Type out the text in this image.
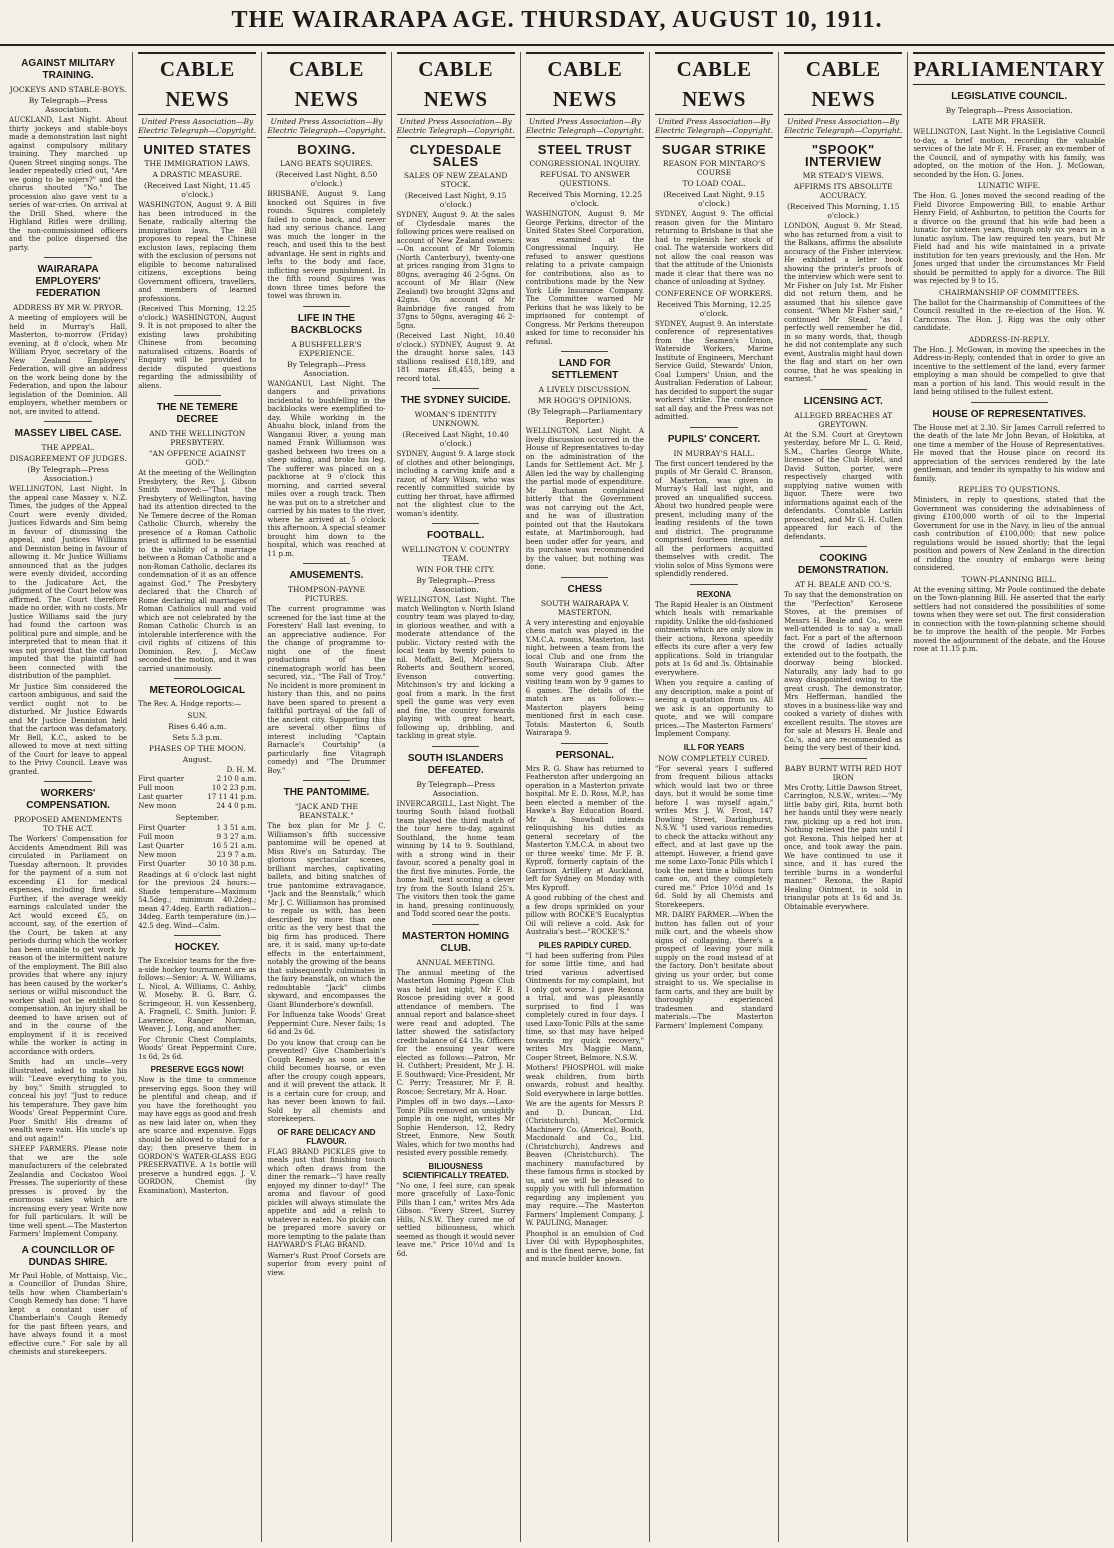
THE WAIRARAPA AGE. THURSDAY, AUGUST 10, 1911.
AGAINST MILITARY TRAINING.
JOCKEYS AND STABLE-BOYS.
By Telegraph—Press Association.

AUCKLAND, Last Night. About thirty jockeys and stable-boys made a demonstration last night against compulsory military training. They marched up Queen Street singing songs. The leader repeatedly cried out, "Are we going to be sojers?" and the chorus shouted "No." The procession also gave vent to a series of war-cries. On arrival at the Drill Shed, where the Highland Rifles were drilling, the non-commissioned officers and the police dispersed the party.

WAIRARAPA EMPLOYERS' FEDERATION
ADDRESS BY MR W. PRYOR.

A meeting of employers will be held in Murray's Hall, Masterton, to-morrow (Friday) evening, at 8 o'clock, when Mr William Pryor, secretary of the New Zealand Employers' Federation, will give an address on the work being done by the Federation, and upon the labour legislation of the Dominion. All employers, whether members or not, are invited to attend.

MASSEY LIBEL CASE.
THE APPEAL.
DISAGREEMENT OF JUDGES.
(By Telegraph—Press Association.)

WELLINGTON, Last Night. In the appeal case Massey v. N.Z. Times, the judges of the Appeal Court were evenly divided, Justices Edwards and Sim being in favour of dismissing the appeal, and Justices Williams and Denniston being in favour of allowing it. Mr Justice Williams announced that as the judges were evenly divided, according to the Judicature Act, the judgment of the Court below was affirmed. The Court therefore made no order, with no costs. Mr Justice Williams said the jury had found the cartoon was political pure and simple, and he interpreted that to mean that it was not proved that the cartoon imputed that the plaintiff had been connected with the distribution of the pamphlet.

Mr Justice Sim considered the cartoon ambiguous, and said the verdict ought not to be disturbed. Mr Justice Edwards and Mr Justice Denniston held that the cartoon was defamatory. Mr Bell, K.C., asked to be allowed to move at next sitting of the Court for leave to appeal to the Privy Council. Leave was granted.

WORKERS' COMPENSATION.
PROPOSED AMENDMENTS TO THE ACT.

The Workers' Compensation for Accidents Amendment Bill was circulated in Parliament on Tuesday afternoon. It provides for the payment of a sum not exceeding £1 for medical expenses, including first aid. Further, if the average weekly earnings calculated under the Act would exceed £5, on account, say, of the exertion of the Court, be taken at any periods during which the worker has been unable to get work by reason of the intermittent nature of the employment. The Bill also provides that where any injury has been caused by the worker's serious or wilful misconduct the worker shall not be entitled to compensation. An injury shall be deemed to have arisen out of and in the course of the employment if it is received while the worker is acting in accordance with orders.

Smith had an uncle—very illustrated, asked to make his will: "Leave everything to you, by boy," Smith struggled to conceal his joy! "Just to reduce his temperature. They gave him Woods' Great Peppermint Cure. Poor Smith! His dreams of wealth were vain. His uncle's up and out again!"

SHEEP FARMERS. Please note that we are the sole manufacturers of the celebrated Zealandia and Cockatoo Wool Presses. The superiority of these presses is proved by the enormous sales which are increasing every year. Write now for full particulars. It will be time well spent.—The Masterton Farmers' Implement Company.

A COUNCILLOR OF DUNDAS SHIRE.

Mr Paul Hoble, of Mottaisp, Vic., a Councillor of Dundas Shire, tells how when Chamberlain's Cough Remedy has done: "I have kept a constant user of Chamberlain's Cough Remedy for the past fifteen years, and have always found it a most effective cure." For sale by all chemists and storekeepers.

CABLE NEWS
United Press Association—By Electric Telegraph—Copyright.
UNITED STATES
THE IMMIGRATION LAWS.
A DRASTIC MEASURE.
(Received Last Night, 11.45 o'clock.)

WASHINGTON, August 9. A Bill has been introduced in the Senate, radically altering the immigration laws. The Bill proposes to repeal the Chinese exclusion laws, replacing them with the exclusion of persons not eligible to become naturalised citizens, exceptions being Government officers, travellers, and members of learned professions.

(Received This Morning, 12.25 o'clock.) WASHINGTON, August 9. It is not proposed to alter the existing laws prohibiting Chinese from becoming naturalised citizens. Boards of Enquiry will be provided to decide disputed questions regarding the admissibility of aliens.

THE NE TEMERE DECREE
AND THE WELLINGTON PRESBYTERY.
"AN OFFENCE AGAINST GOD."

At the meeting of the Wellington Presbytery, the Rev. J. Gibson Smith moved:—"That the Presbytery of Wellington, having had its attention directed to the Ne Temere decree of the Roman Catholic Church, whereby the presence of a Roman Catholic priest is affirmed to be essential to the validity of a marriage between a Roman Catholic and a non-Roman Catholic, declares its condemnation of it as an offence against God." The Presbytery declared that the Church of Rome declaring all marriages of Roman Catholics null and void which are not celebrated by the Roman Catholic Church is an intolerable interference with the civil rights of citizens of this Dominion. Rev. J. McCaw seconded the motion, and it was carried unanimously.

METEOROLOGICAL

The Rev. A. Hodge reports:—

SUN.
Rises 6.46 a.m.
Sets 5.3 p.m.
PHASES OF THE MOON.
August.
D. H. M.
First quarter	2 10 0 a.m.
Full moon	10 2 23 p.m.
Last quarter	17 11 41 p.m.
New moon	24 4 0 p.m.
September.
First Quarter	1 3 51 a.m.
Full moon	9 3 27 a.m.
Last Quarter	16 5 21 a.m.
New moon	23 9 7 a.m.
First Quarter	30 10 38 p.m.

Readings at 6 o'clock last night for the previous 24 hours:—Shade temperature—Maximum 54.5deg.; minimum 40.2deg.; mean 47.4deg. Earth radiation—34deg. Earth temperature (in.)—42.5 deg. Wind—Calm.

HOCKEY.

The Excelsior teams for the five-a-side hockey tournament are as follows:—Senior: A. W. Williams, L. Nicol, A. Williams, C. Ashby, W. Moseby. B. G. Barr, G. Scrimgeour, H. von Kessenberg, A. Fragnell, C. Smith. Junior: F. Lawrence, Ranger Norman, Weaver, J. Long, and another.

For Chronic Chest Complaints, Woods' Great Peppermint Cure, 1s 6d, 2s 6d.

PRESERVE EGGS NOW!

Now is the time to commence preserving eggs. Soon they will be plentiful and cheap, and if you have the forethought you may have eggs as good and fresh as new laid later on, when they are scarce and expensive. Eggs should be allowed to stand for a day; then preserve them in GORDON'S WATER-GLASS EGG PRESERVATIVE. A 1s bottle will preserve a hundred eggs. J. V. GORDON, Chemist (by Examination), Masterton.

CABLE NEWS
United Press Association—By Electric Telegraph—Copyright.
BOXING.
LANG BEATS SQUIRES.
(Received Last Night, 8.50 o'clock.)

BRISBANE, August 9. Lang knocked out Squires in five rounds. Squires completely failed to come back, and never had any serious chance. Lang was much the longer in the reach, and used this to the best advantage. He sent in rights and lefts to the body and face, inflicting severe punishment. In the fifth round Squires was down three times before the towel was thrown in.

LIFE IN THE BACKBLOCKS
A BUSHFELLER'S EXPERIENCE.
By Telegraph—Press Association.

WANGANUI, Last Night. The dangers and privations incidental to bushfelling in the backblocks were exemplified to-day. While working in the Ahuahu block, inland from the Wanganui River, a young man named Frank Williamson was gashed between two trees on a steep siding, and broke his leg. The sufferer was placed on a packhorse at 9 o'clock this morning, and carried several miles over a rough track. Then he was put on to a stretcher and carried by his mates to the river, where he arrived at 5 o'clock this afternoon. A special steamer brought him down to the hospital, which was reached at 11 p.m.

AMUSEMENTS.
THOMPSON-PAYNE PICTURES.

The current programme was screened for the last time at the Foresters' Hall last evening, to an appreciative audience. For the change of programme to-night one of the finest productions of the cinematograph world has been secured, viz., "The Fall of Troy." No incident is more prominent in history than this, and no pains have been spared to present a faithful portrayal of the fall of the ancient city. Supporting this are several other films of interest including "Captain Barnacle's Courtship" (a particularly fine Vitagraph comedy) and "The Drummer Boy."

THE PANTOMIME.
"JACK AND THE BEANSTALK."

The box plan for Mr J. C. Williamson's fifth successive pantomime will be opened at Miss Rive's on Saturday. The glorious spectacular scenes, brilliant marches, captivating ballets, and biting snatches of true pantomime extravagance, "Jack and the Beanstalk," which Mr J. C. Williamson has promised to regale us with, has been described by more than one critic as the very best that the big firm has produced. There are, it is said, many up-to-date effects in the entertainment, notably the growing of the beans that subsequently culminates in the fairy beanstalk, on which the redoubtable "Jack" climbs skyward, and encompasses the Giant Blunderbore's downfall.

For Influenza take Woods' Great Peppermint Cure. Never fails; 1s 6d and 2s 6d.

Do you know that croup can be prevented? Give Chamberlain's Cough Remedy as soon as the child becomes hoarse, or even after the croupy cough appears, and it will prevent the attack. It is a certain cure for croup, and has never been known to fail. Sold by all chemists and storekeepers.

OF RARE DELICACY AND FLAVOUR.

FLAG BRAND PICKLES give to meals just that finishing touch which often draws from the diner the remark—"I have really enjoyed my dinner to-day!" The aroma and flavour of good pickles will always stimulate the appetite and add a relish to whatever is eaten. No pickle can be prepared more savory or more tempting to the palate than HAYWARD'S FLAG BRAND.

Warner's Rust Proof Corsets are superior from every point of view.

CABLE NEWS
United Press Association—By Electric Telegraph—Copyright.
CLYDESDALE SALES
SALES OF NEW ZEALAND STOCK.
(Received Last Night, 9.15 o'clock.)

SYDNEY, August 9. At the sales of Clydesdale mares the following prices were realised on account of New Zealand owners:—On account of Mr Tolomin (North Canterbury), twenty-one at prices ranging from 31gns to 80gns, averaging 46 2-5gns. On account of Mr Blair (New Zealand) two brought 32gns and 42gns. On account of Mr Bainbridge five ranged from 37gns to 50gns, averaging 46 2-5gns.

(Received Last Night, 10.40 o'clock.) SYDNEY, August 9. At the draught horse sales, 143 stallions realised £18,189, and 181 mares £8,455, being a record total.

THE SYDNEY SUICIDE.
WOMAN'S IDENTITY UNKNOWN.
(Received Last Night, 10.40 o'clock.)

SYDNEY, August 9. A large stock of clothes and other belongings, including a carving knife and a razor, of Mary Wilson, who was recently committed suicide by cutting her throat, have affirmed not the slightest clue to the woman's identity.

FOOTBALL.
WELLINGTON V. COUNTRY TEAM.
WIN FOR THE CITY.
By Telegraph—Press Association.

WELLINGTON, Last Night. The match Wellington v. North Island country team was played to-day, in glorious weather, and with a moderate attendance of the public. Victory rested with the local team by twenty points to nil. Moffatt, Bell, McPherson, Roberts and Southern scored, Evenson converting. Mitchinson's try and kicking a goal from a mark. In the first spell the game was very even and fine, the country forwards playing with great heart, following up, dribbling, and tackling in great style.

SOUTH ISLANDERS DEFEATED.
By Telegraph—Press Association.

INVERCARGILL, Last Night. The touring South Island football team played the third match of the tour here to-day, against Southland, the home team winning by 14 to 9. Southland, with a strong wind in their favour, scored a penalty goal in the first five minutes. Forde, the home half, next scoring a clever try from the South Island 25's. The visitors then took the game in hand, pressing continuously, and Todd scored near the posts.

MASTERTON HOMING CLUB.
ANNUAL MEETING.

The annual meeting of the Masterton Homing Pigeon Club was held last night, Mr F. B. Roscoe presiding over a good attendance of members. The annual report and balance-sheet were read and adopted. The latter showed the satisfactory credit balance of £4 13s. Officers for the ensuing year were elected as follows:—Patron, Mr H. Cuthbert; President, Mr J. H. F. Southward; Vice-President, Mr C. Perry; Treasurer, Mr F. B. Roscoe; Secretary, Mr A. Hoar.

Pimples off in two days.—Laxo-Tonic Pills removed an unsightly pimple in one night, writes Mr Sophie Henderson, 12, Redry Street, Enmore, New South Wales, which for two months had resisted every possible remedy.

BILIOUSNESS SCIENTIFICALLY TREATED.

"No one, I feel sure, can speak more gracefully of Laxo-Tonic Pills than I can," writes Mrs Ada Gibson. "Every Street, Surrey Hills, N.S.W. They cured me of settled biliousness, which seemed as though it would never leave me." Price 10½d and 1s 6d.

CABLE NEWS
United Press Association—By Electric Telegraph—Copyright.
STEEL TRUST
CONGRESSIONAL INQUIRY.
REFUSAL TO ANSWER QUESTIONS.
Received This Morning, 12.25 o'clock.

WASHINGTON, August 9. Mr George Perkins, director of the United States Steel Corporation, was examined at the Congressional Inquiry. He refused to answer questions relating to a private campaign for contributions, also as to contributions made by the New York Life Insurance Company. The Committee warned Mr Perkins that he was likely to be imprisoned for contempt of Congress. Mr Perkins thereupon asked for time to reconsider his refusal.

LAND FOR SETTLEMENT
A LIVELY DISCUSSION.
MR HOGG'S OPINIONS.
(By Telegraph—Parliamentary Reporter.)

WELLINGTON, Last Night. A lively discussion occurred in the House of Representatives to-day on the administration of the Lands for Settlement Act. Mr J. Allen led the way by challenging the partial mode of expenditure. Mr Buchanan complained bitterly that the Government was not carrying out the Act, and he was of illustration pointed out that the Hautokara estate, at Martinborough, had been under offer for years, and its purchase was recommended by the valuer, but nothing was done.

CHESS
SOUTH WAIRARAPA V. MASTERTON.

A very interesting and enjoyable chess match was played in the Y.M.C.A. rooms, Masterton, last night, between a team from the local Club and one from the South Wairarapa Club. After some very good games the visiting team won by 9 games to 6 games. The details of the match are as follows:—Masterton players being mentioned first in each case. Totals: Masterton 6, South Wairarapa 9.

PERSONAL.

Mrs R. G. Shaw has returned to Featherston after undergoing an operation in a Masterton private hospital. Mr E. D. Ross, M.P., has been elected a member of the Hawke's Bay Education Board. Mr A. Snowball intends relinquishing his duties as general secretary of the Masterton Y.M.C.A. in about two or three weeks' time. Mr F. B. Kyproff, formerly captain of the Garrison Artillery at Auckland, left for Sydney on Monday with Mrs Kyproff.

A good rubbing of the chest and a few drops sprinkled on your pillow with ROCKE'S Eucalyptus Oil will relieve a cold. Ask for Australia's best—"ROCKE'S."

PILES RAPIDLY CURED.

"I had been suffering from Piles for some little time, and had tried various advertised Ointments for my complaint, but I only got worse. I gave Rexona a trial, and was pleasantly surprised to find I was completely cured in four days. I used Laxo-Tonic Pills at the same time, so that may have helped towards my quick recovery," writes Mrs Maggie Mann, Cooper Street, Belmore, N.S.W.

Mothers! PHOSPHOL will make weak children, from birth onwards, robust and healthy. Sold everywhere in large bottles.

We are the agents for Messrs P. and D. Duncan, Ltd. (Christchurch), McCormick Machinery Co. (America), Booth, Macdonald and Co., Ltd. (Christchurch), Andrews and Beaven (Christchurch). The machinery manufactured by these famous firms is stocked by us, and we will be pleased to supply you with full information regarding any implement you may require.—The Masterton Farmers' Implement Company, J. W. PAULING, Manager.

Phosphol is an emulsion of Cod Liver Oil with Hypophosphites, and is the finest nerve, bone, fat and muscle builder known.

CABLE NEWS
United Press Association—By Electric Telegraph—Copyright.
SUGAR STRIKE
REASON FOR MINTARO'S COURSE
TO LOAD COAL.
(Received Last Night, 9.15 o'clock.)

SYDNEY, August 9. The official reason given for the Mintaro returning to Brisbane is that she had to replenish her stock of coal. The waterside workers did not allow the coal reason was that the attitude of the Unionists made it clear that there was no chance of unloading at Sydney.

CONFERENCE OF WORKERS.
Received This Morning, 12.25 o'clock.

SYDNEY, August 9. An interstate conference of representatives from the Seamen's Union, Waterside Workers, Marine Institute of Engineers, Merchant Service Guild, Stewards' Union, Coal Lumpers' Union, and the Australian Federation of Labour, has decided to support the sugar workers' strike. The conference sat all day, and the Press was not admitted.

PUPILS' CONCERT.
IN MURRAY'S HALL.

The first concert tendered by the pupils of Mr Gerald C. Branson, of Masterton, was given in Murray's Hall last night, and proved an unqualified success. About two hundred people were present, including many of the leading residents of the town and district. The programme comprised fourteen items, and all the performers acquitted themselves with credit. The violin solos of Miss Symons were splendidly rendered.

REXONA

The Rapid Healer is an Ointment which heals with remarkable rapidity. Unlike the old-fashioned ointments which are only slow in their actions, Rexona speedily effects its cure after a very few applications. Sold in triangular pots at 1s 6d and 3s. Obtainable everywhere.

When you require a casting of any description, make a point of seeing a quotation from us. All we ask is an opportunity to quote, and we will compare prices.—The Masterton Farmers' Implement Company.

ILL FOR YEARS
NOW COMPLETELY CURED.

"For several years I suffered from frequent bilious attacks which would last two or three days, but it would be some time before I was myself again," writes Mrs J. W. Frost, 147 Dowling Street, Darlinghurst, N.S.W. "I used various remedies to check the attacks without any effect, and at last gave up the attempt. However, a friend gave me some Laxo-Tonic Pills which I took the next time a bilious turn came on, and they completely cured me." Price 10½d and 1s 6d. Sold by all Chemists and Storekeepers.

MR. DAIRY FARMER.—When the button has fallen out of your milk cart, and the wheels show signs of collapsing, there's a prospect of leaving your milk supply on the road instead of at the factory. Don't hesitate about giving us your order, but come straight to us. We specialise in farm carts, and they are built by thoroughly experienced tradesmen and standard materials.—The Masterton Farmers' Implement Company.

CABLE NEWS
United Press Association—By Electric Telegraph—Copyright.
"SPOOK" INTERVIEW
MR STEAD'S VIEWS.
AFFIRMS ITS ABSOLUTE ACCURACY.
(Received This Morning, 1.15 o'clock.)

LONDON, August 9. Mr Stead, who has returned from a visit to the Balkans, affirms the absolute accuracy of the Fisher interview. He exhibited a letter book showing the printer's proofs of the interview which were sent to Mr Fisher on July 1st. Mr Fisher did not return them, and he assumed that his silence gave consent. "When Mr Fisher said," continued Mr Stead, "as I perfectly well remember he did, in so many words, that, though he did not contemplate any such event, Australia might haul down the flag and start on her own course, that he was speaking in earnest."

LICENSING ACT.
ALLEGED BREACHES AT GREYTOWN.

At the S.M. Court at Greytown yesterday, before Mr L. G. Reid, S.M., Charles George White, licensee of the Club Hotel, and David Sutton, porter, were respectively charged with supplying native women with liquor. There were two informations against each of the defendants. Constable Larkin prosecuted, and Mr G. H. Cullen appeared for each of the defendants.

COOKING DEMONSTRATION.
AT H. BEALE AND CO.'S.

To say that the demonstration on the "Perfection" Kerosene Stoves, at the premises of Messrs H. Beale and Co., were well-attended is to say a small fact. For a part of the afternoon the crowd of ladies actually extended out to the footpath, the doorway being blocked. Naturally, any lady had to go away disappointed owing to the great crush. The demonstrator, Mrs Hefferman, handled the stoves in a business-like way and cooked a variety of dishes with excellent results. The stoves are for sale at Messrs H. Beale and Co.'s, and are recommended as being the very best of their kind.

BABY BURNT WITH RED HOT IRON

Mrs Crotty, Little Dawson Street, Carrington, N.S.W., writes:—"My little baby girl, Rita, burnt both her hands until they were nearly raw, picking up a red hot iron. Nothing relieved the pain until I got Rexona. This helped her at once, and took away the pain. We have continued to use it since, and it has cured the terrible burns in a wonderful manner." Rexona, the Rapid Healing Ointment, is sold in triangular pots at 1s 6d and 3s. Obtainable everywhere.

PARLIAMENTARY
LEGISLATIVE COUNCIL.
By Telegraph—Press Association.
LATE MR FRASER.

WELLINGTON, Last Night. In the Legislative Council to-day, a brief motion, recording the valuable services of the late Mr F. H. Fraser, an ex-member of the Council, and of sympathy with his family, was adopted, on the motion of the Hon. J. McGowan, seconded by the Hon. G. Jones.

LUNATIC WIFE.

The Hon. G. Jones moved the second reading of the Field Divorce Empowering Bill, to enable Arthur Henry Field, of Ashburton, to petition the Courts for a divorce on the ground that his wife had been a lunatic for sixteen years, though only six years in a lunatic asylum. The law required ten years, but Mr Field had and his wife maintained in a private institution for ten years previously, and the Hon. Mr Jones urged that under the circumstances Mr Field should be permitted to apply for a divorce. The Bill was rejected by 9 to 15.

CHAIRMANSHIP OF COMMITTEES.

The ballot for the Chairmanship of Committees of the Council resulted in the re-election of the Hon. W. Carncross. The Hon. J. Rigg was the only other candidate.

ADDRESS-IN-REPLY.

The Hon. J. McGowan, in moving the speeches in the Address-in-Reply, contended that in order to give an incentive to the settlement of the land, every farmer employing a man should be compelled to give that man a portion of his land. This would result in the land being utilised to the fullest extent.

HOUSE OF REPRESENTATIVES.

The House met at 2.30. Sir James Carroll referred to the death of the late Mr John Bevan, of Hokitika, at one time a member of the House of Representatives. He moved that the House place on record its appreciation of the services rendered by the late gentleman, and tender its sympathy to his widow and family.

REPLIES TO QUESTIONS.

Ministers, in reply to questions, stated that the Government was considering the advisableness of giving £100,000 worth of oil to the Imperial Government for use in the Navy, in lieu of the annual cash contribution of £100,000; that new police regulations would be issued shortly; that the legal position and powers of New Zealand in the direction of ridding the country of embargo were being considered.

TOWN-PLANNING BILL.

At the evening sitting, Mr Poole continued the debate on the Town-planning Bill. He asserted that the early settlers had not considered the possibilities of some towns when they were set out. The first consideration in connection with the town-planning scheme should be to improve the health of the people. Mr Forbes moved the adjournment of the debate, and the House rose at 11.15 p.m.
